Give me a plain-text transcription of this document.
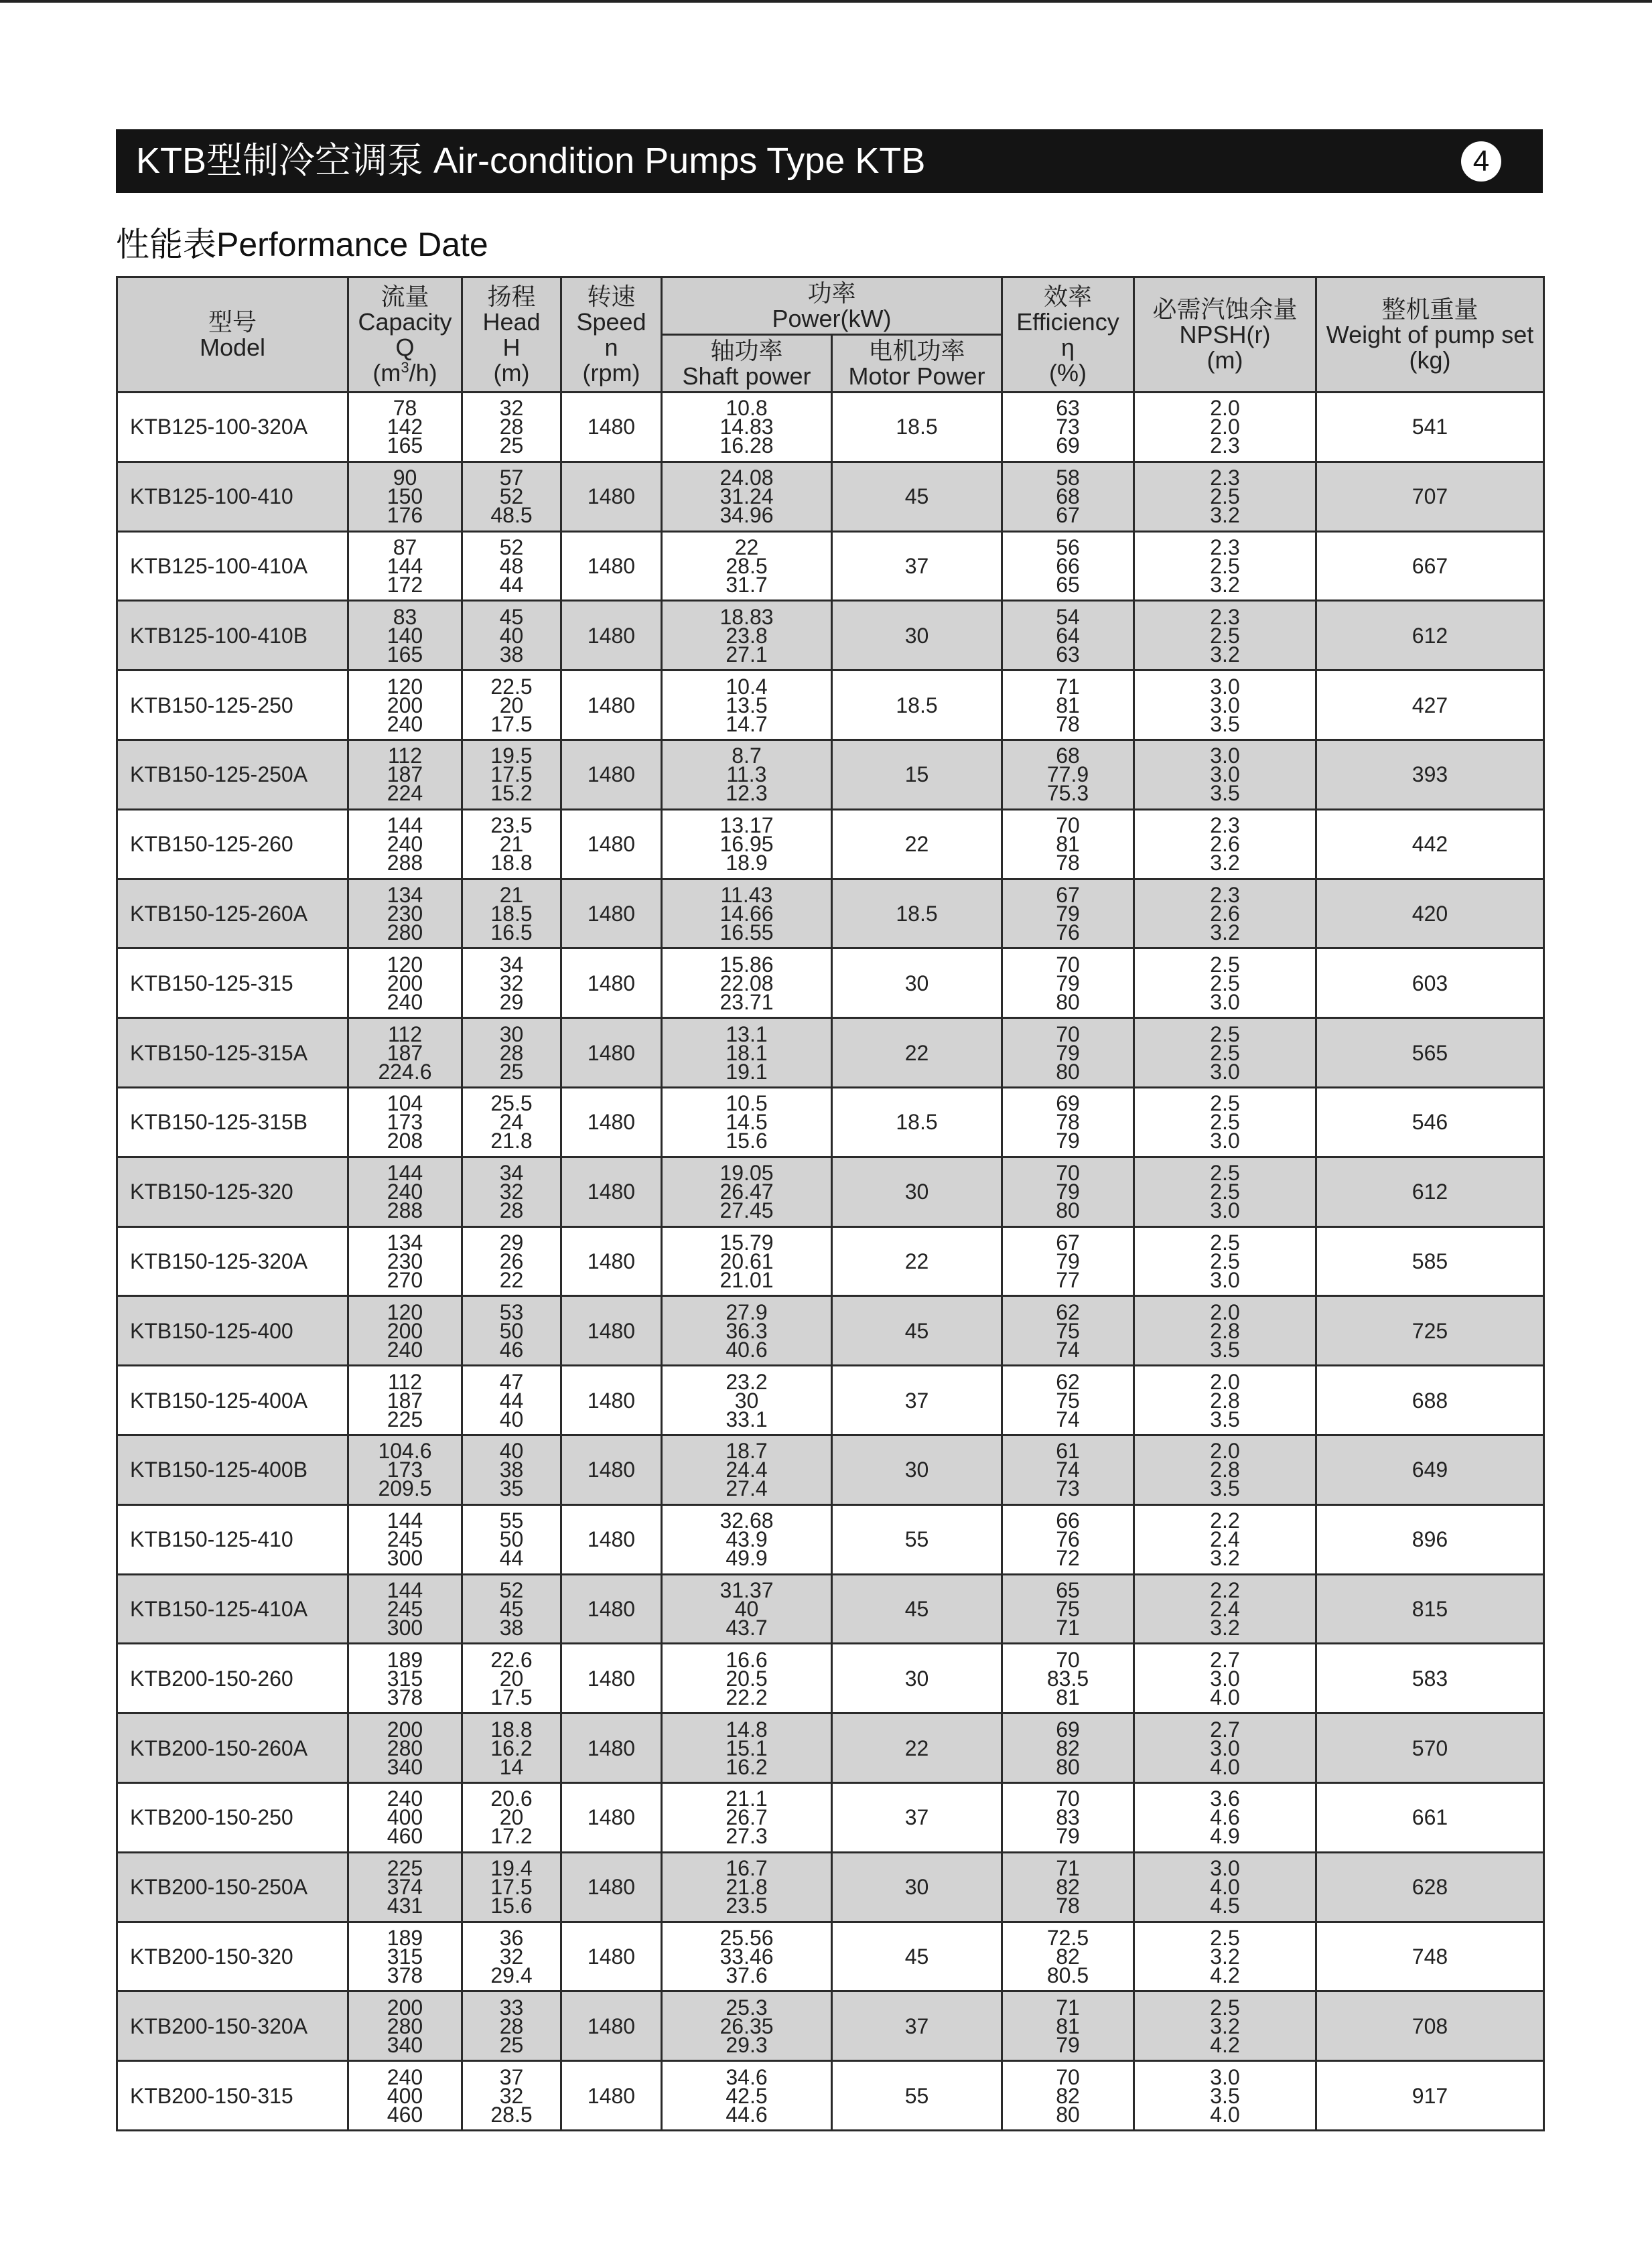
KTB型制冷空调泵 Air-condition Pumps Type KTB	4
性能表Performance Date
型号
Model	流量
Capacity
Q
$(m^3/h)$	扬程
Head
H
(m)	转速
Speed
n
(rpm)	功率
Power(kW)		效率
Efficiency
η
(%)	必需汽蚀余量
NPSH(r)
(m)	整机重量
Weight of pump set
(kg)

				轴功率
Shaft power	电机功率
Motor Power			

KTB125-100-320A	78
142
165	32
28
25	1480	10.8
14.83
16.28	18.5	63
73
69	2.0
2.0
2.3	541
KTB125-100-410	90
150
176	57
52
48.5	1480	24.08
31.24
34.96	45	58
68
67	2.3
2.5
3.2	707
KTB125-100-410A	87
144
172	52
48
44	1480	22
28.5
31.7	37	56
66
65	2.3
2.5
3.2	667
KTB125-100-410B	83
140
165	45
40
38	1480	18.83
23.8
27.1	30	54
64
63	2.3
2.5
3.2	612
KTB150-125-250	120
200
240	22.5
20
17.5	1480	10.4
13.5
14.7	18.5	71
81
78	3.0
3.0
3.5	427
KTB150-125-250A	112
187
224	19.5
17.5
15.2	1480	8.7
11.3
12.3	15	68
77.9
75.3	3.0
3.0
3.5	393
KTB150-125-260	144
240
288	23.5
21
18.8	1480	13.17
16.95
18.9	22	70
81
78	2.3
2.6
3.2	442
KTB150-125-260A	134
230
280	21
18.5
16.5	1480	11.43
14.66
16.55	18.5	67
79
76	2.3
2.6
3.2	420
KTB150-125-315	120
200
240	34
32
29	1480	15.86
22.08
23.71	30	70
79
80	2.5
2.5
3.0	603
KTB150-125-315A	112
187
224.6	30
28
25	1480	13.1
18.1
19.1	22	70
79
80	2.5
2.5
3.0	565
KTB150-125-315B	104
173
208	25.5
24
21.8	1480	10.5
14.5
15.6	18.5	69
78
79	2.5
2.5
3.0	546
KTB150-125-320	144
240
288	34
32
28	1480	19.05
26.47
27.45	30	70
79
80	2.5
2.5
3.0	612
KTB150-125-320A	134
230
270	29
26
22	1480	15.79
20.61
21.01	22	67
79
77	2.5
2.5
3.0	585
KTB150-125-400	120
200
240	53
50
46	1480	27.9
36.3
40.6	45	62
75
74	2.0
2.8
3.5	725
KTB150-125-400A	112
187
225	47
44
40	1480	23.2
30
33.1	37	62
75
74	2.0
2.8
3.5	688
KTB150-125-400B	104.6
173
209.5	40
38
35	1480	18.7
24.4
27.4	30	61
74
73	2.0
2.8
3.5	649
KTB150-125-410	144
245
300	55
50
44	1480	32.68
43.9
49.9	55	66
76
72	2.2
2.4
3.2	896
KTB150-125-410A	144
245
300	52
45
38	1480	31.37
40
43.7	45	65
75
71	2.2
2.4
3.2	815
KTB200-150-260	189
315
378	22.6
20
17.5	1480	16.6
20.5
22.2	30	70
83.5
81	2.7
3.0
4.0	583
KTB200-150-260A	200
280
340	18.8
16.2
14	1480	14.8
15.1
16.2	22	69
82
80	2.7
3.0
4.0	570
KTB200-150-250	240
400
460	20.6
20
17.2	1480	21.1
26.7
27.3	37	70
83
79	3.6
4.6
4.9	661
KTB200-150-250A	225
374
431	19.4
17.5
15.6	1480	16.7
21.8
23.5	30	71
82
78	3.0
4.0
4.5	628
KTB200-150-320	189
315
378	36
32
29.4	1480	25.56
33.46
37.6	45	72.5
82
80.5	2.5
3.2
4.2	748
KTB200-150-320A	200
280
340	33
28
25	1480	25.3
26.35
29.3	37	71
81
79	2.5
3.2
4.2	708
KTB200-150-315	240
400
460	37
32
28.5	1480	34.6
42.5
44.6	55	70
82
80	3.0
3.5
4.0	917
